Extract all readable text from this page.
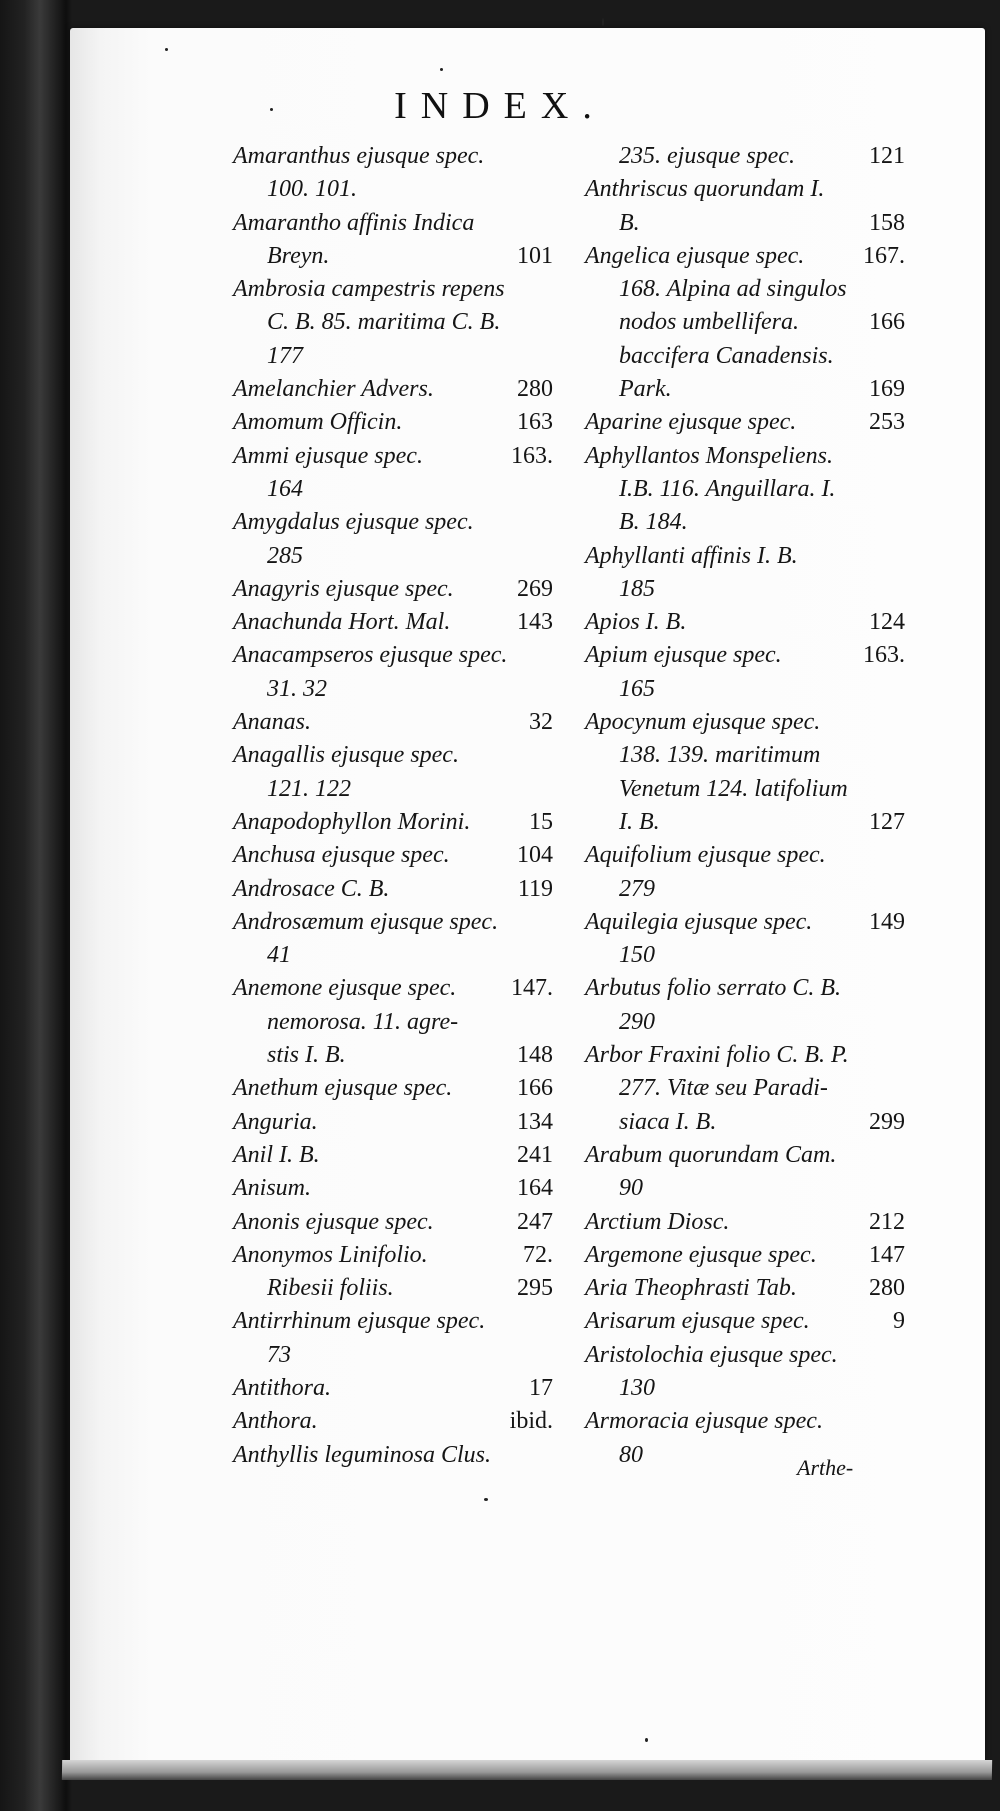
INDEX.
Amaranthus ejusque spec.
100. 101.
Amarantho affinis Indica
Breyn.	101
Ambrosia campestris repens
C. B. 85. maritima C. B.
177
Amelanchier Advers.	280
Amomum Officin.	163
Ammi ejusque spec.	163.
164
Amygdalus ejusque spec.
285
Anagyris ejusque spec.	269
Anachunda Hort. Mal.	143
Anacampseros ejusque spec.
31. 32
Ananas.	32
Anagallis ejusque spec.
121. 122
Anapodophyllon Morini. 15
Anchusa ejusque spec.	104
Androsace C. B.	119
Androsæmum ejusque spec.
41
Anemone ejusque spec. 147.
nemorosa. 11. agre-
stis I. B.	148
Anethum ejusque spec.	166
Anguria.	134
Anil I. B.	241
Anisum.	164
Anonis ejusque spec.	247
Anonymos Linifolio.	72.
Ribesii foliis.	295
Antirrhinum ejusque spec.
73
Antithora.	17
Anthora.	ibid.
Anthyllis leguminosa Clus.
235. ejusque spec.	121
Anthriscus quorundam I.
B.	158
Angelica ejusque spec. 167.
168. Alpina ad singulos
nodos umbellifera.	166
baccifera Canadensis.
Park.	169
Aparine ejusque spec.	253
Aphyllantos Monspeliens.
I.B. 116. Anguillara. I.
B. 184.
Aphyllanti affinis I. B.
185
Apios I. B.	124
Apium ejusque spec.	163.
165
Apocynum ejusque spec.
138. 139. maritimum
Venetum 124. latifolium
I. B.	127
Aquifolium ejusque spec.
279
Aquilegia ejusque spec. 149
150
Arbutus folio serrato C. B.
290
Arbor Fraxini folio C. B. P.
277. Vitæ seu Paradi-
siaca I. B.	299
Arabum quorundam Cam.
90
Arctium Diosc.	212
Argemone ejusque spec. 147
Aria Theophrasti Tab.	280
Arisarum ejusque spec.	9
Aristolochia ejusque spec.
130
Armoracia ejusque spec.
80	Arthe-
